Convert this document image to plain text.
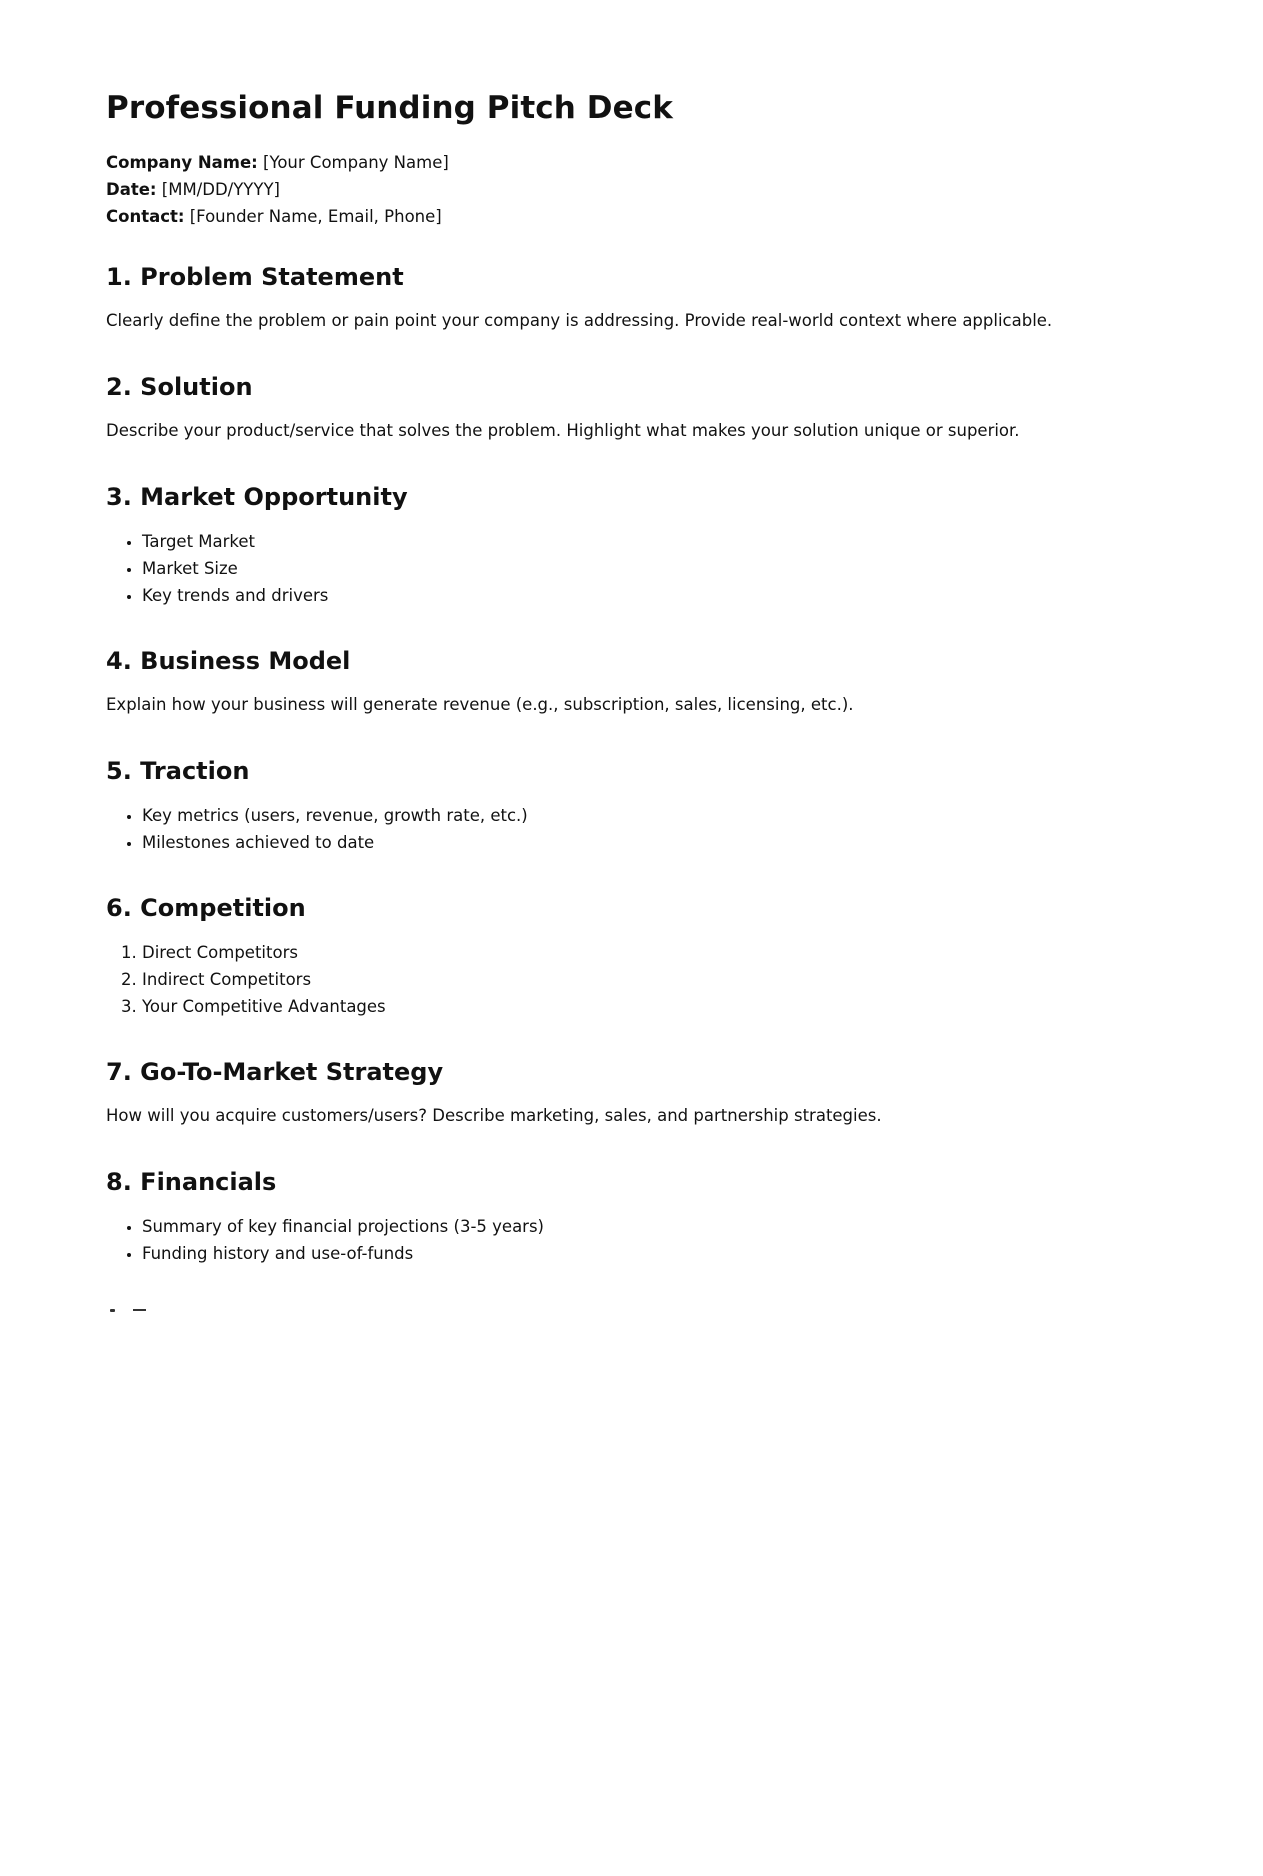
Professional Funding Pitch Deck
Company Name: [Your Company Name]
Date: [MM/DD/YYYY]
Contact: [Founder Name, Email, Phone]
1. Problem Statement

Clearly define the problem or pain point your company is addressing. Provide real-world context where applicable.

2. Solution

Describe your product/service that solves the problem. Highlight what makes your solution unique or superior.

3. Market Opportunity
• Target Market
• Market Size
• Key trends and drivers
4. Business Model

Explain how your business will generate revenue (e.g., subscription, sales, licensing, etc.).

5. Traction
• Key metrics (users, revenue, growth rate, etc.)
• Milestones achieved to date
6. Competition
1. Direct Competitors
2. Indirect Competitors
3. Your Competitive Advantages
7. Go-To-Market Strategy

How will you acquire customers/users? Describe marketing, sales, and partnership strategies.

8. Financials
• Summary of key financial projections (3-5 years)
• Funding history and use-of-funds
